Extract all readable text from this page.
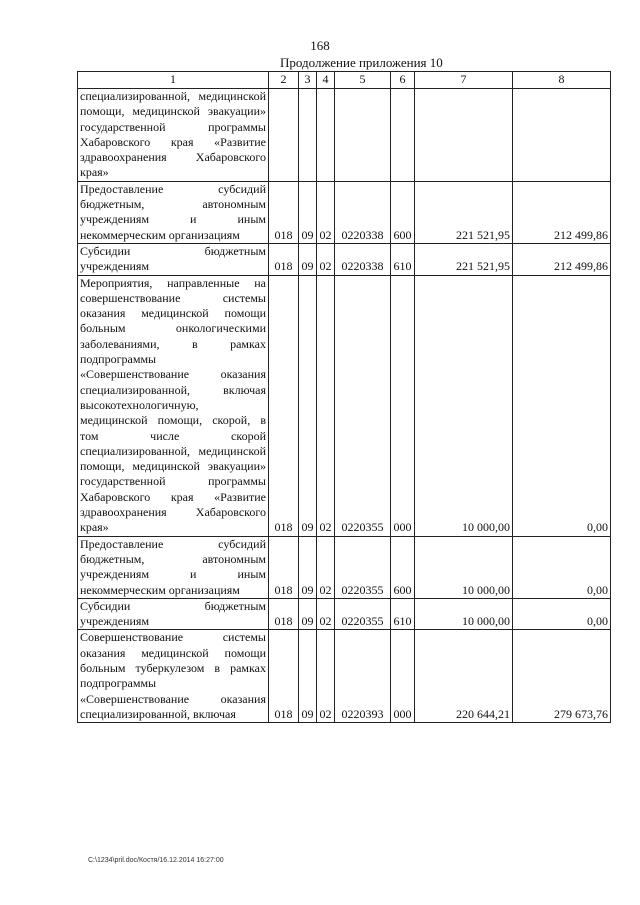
168
Продолжение приложения 10
1	2	3	4	5	6	7	8
специализированной, медицинской помощи, медицинской эвакуации» государственной программы Хабаровского края «Развитие здравоохранения Хабаровского края»							
Предоставление субсидий бюджетным, автономным учреждениям и иным некоммерческим организациям	018	09	02	0220338	600	221 521,95	212 499,86
Субсидии бюджетным учреждениям	018	09	02	0220338	610	221 521,95	212 499,86
Мероприятия, направленные на совершенствование системы оказания медицинской помощи больным онкологическими заболеваниями, в рамках подпрограммы «Совершенствование оказания специализированной, включая высокотехнологичную, медицинской помощи, скорой, в том числе скорой специализированной, медицинской помощи, медицинской эвакуации» государственной программы Хабаровского края «Развитие здравоохранения Хабаровского края»	018	09	02	0220355	000	10 000,00	0,00
Предоставление субсидий бюджетным, автономным учреждениям и иным некоммерческим организациям	018	09	02	0220355	600	10 000,00	0,00
Субсидии бюджетным учреждениям	018	09	02	0220355	610	10 000,00	0,00
Совершенствование системы оказания медицинской помощи больным туберкулезом в рамках подпрограммы «Совершенствование оказания специализированной, включая	018	09	02	0220393	000	220 644,21	279 673,76
C:\1234\pril.doc/Костя/16.12.2014 16:27:00
